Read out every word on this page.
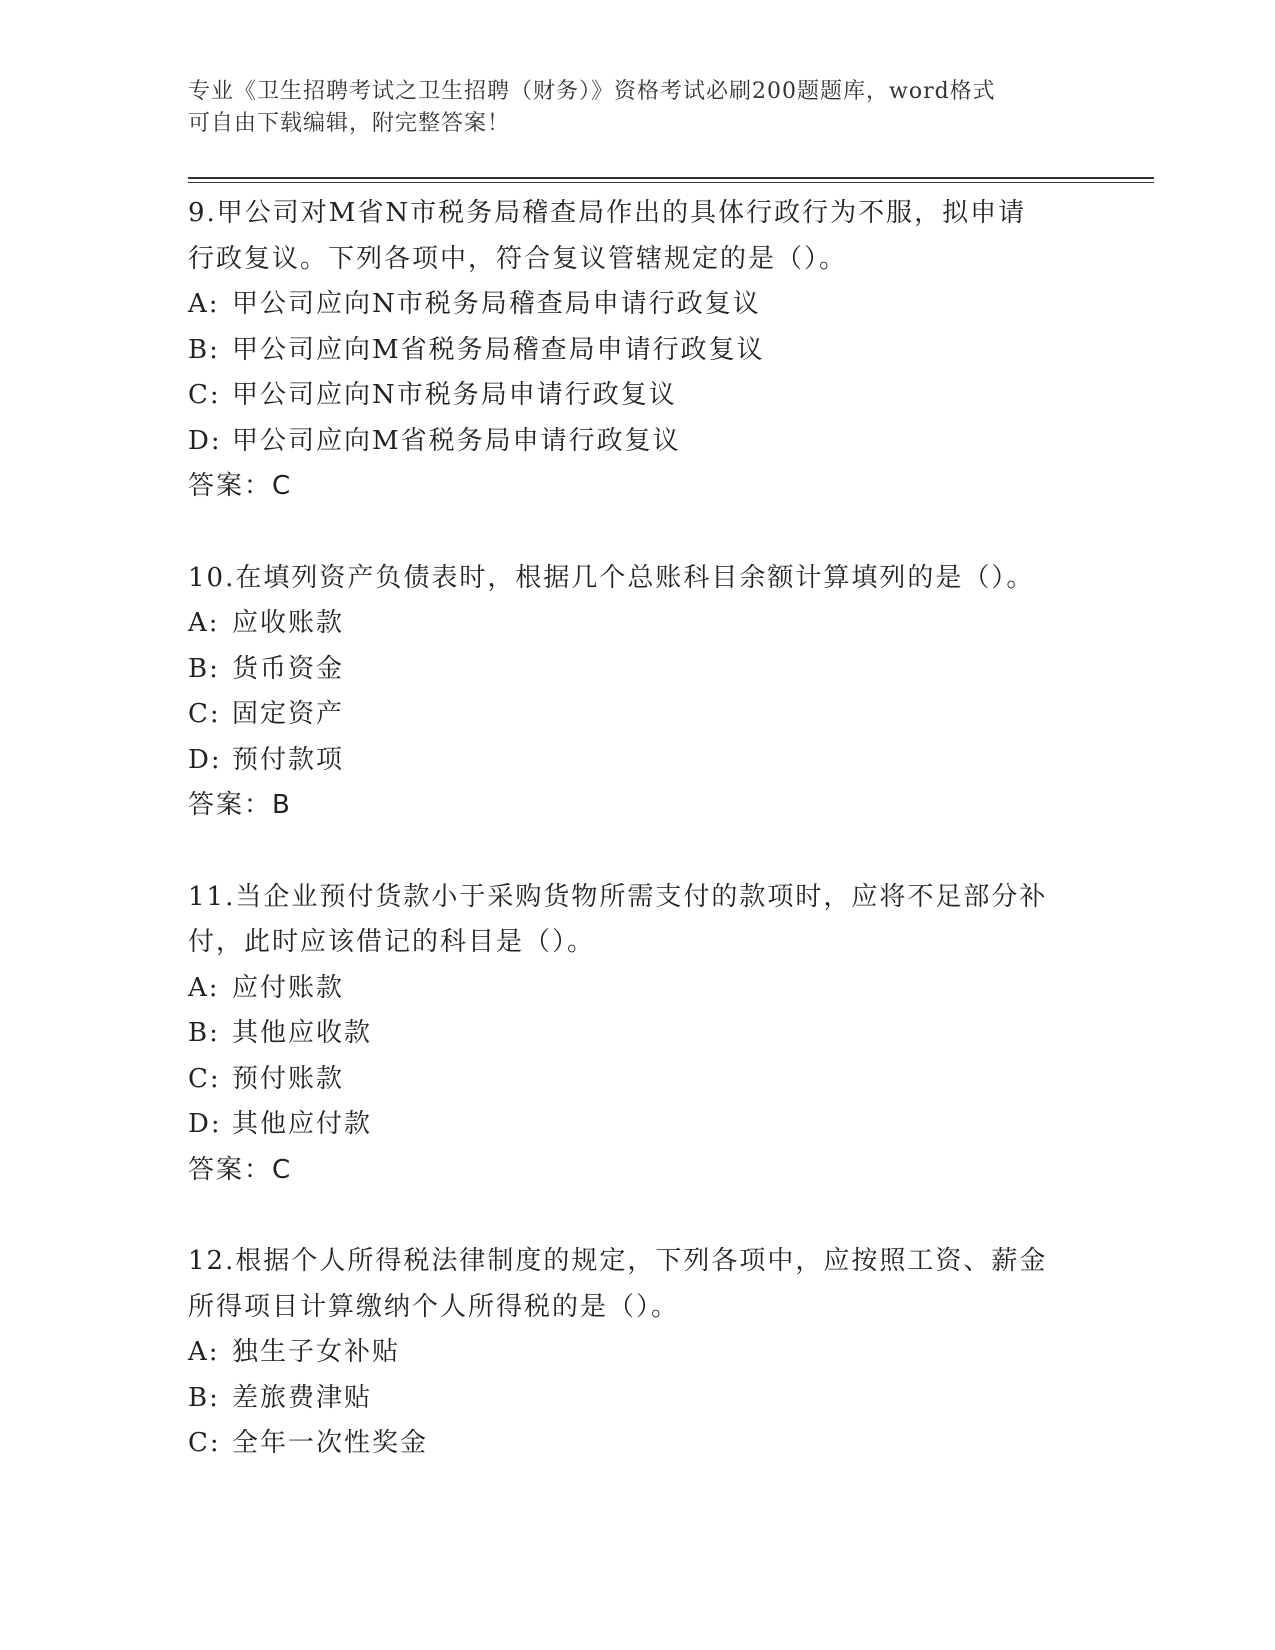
专业《卫生招聘考试之卫生招聘（财务）》资格考试必刷200题题库，word格式
可自由下载编辑，附完整答案！

9.甲公司对M省N市税务局稽查局作出的具体行政行为不服，拟申请

行政复议。下列各项中，符合复议管辖规定的是（）。

A: 甲公司应向N市税务局稽查局申请行政复议

B: 甲公司应向M省税务局稽查局申请行政复议

C: 甲公司应向N市税务局申请行政复议

D: 甲公司应向M省税务局申请行政复议

答案：C

10.在填列资产负债表时，根据几个总账科目余额计算填列的是（）。

A: 应收账款

B: 货币资金

C: 固定资产

D: 预付款项

答案：B

11.当企业预付货款小于采购货物所需支付的款项时，应将不足部分补

付，此时应该借记的科目是（）。

A: 应付账款

B: 其他应收款

C: 预付账款

D: 其他应付款

答案：C

12.根据个人所得税法律制度的规定，下列各项中，应按照工资、薪金

所得项目计算缴纳个人所得税的是（）。

A: 独生子女补贴

B: 差旅费津贴

C: 全年一次性奖金
